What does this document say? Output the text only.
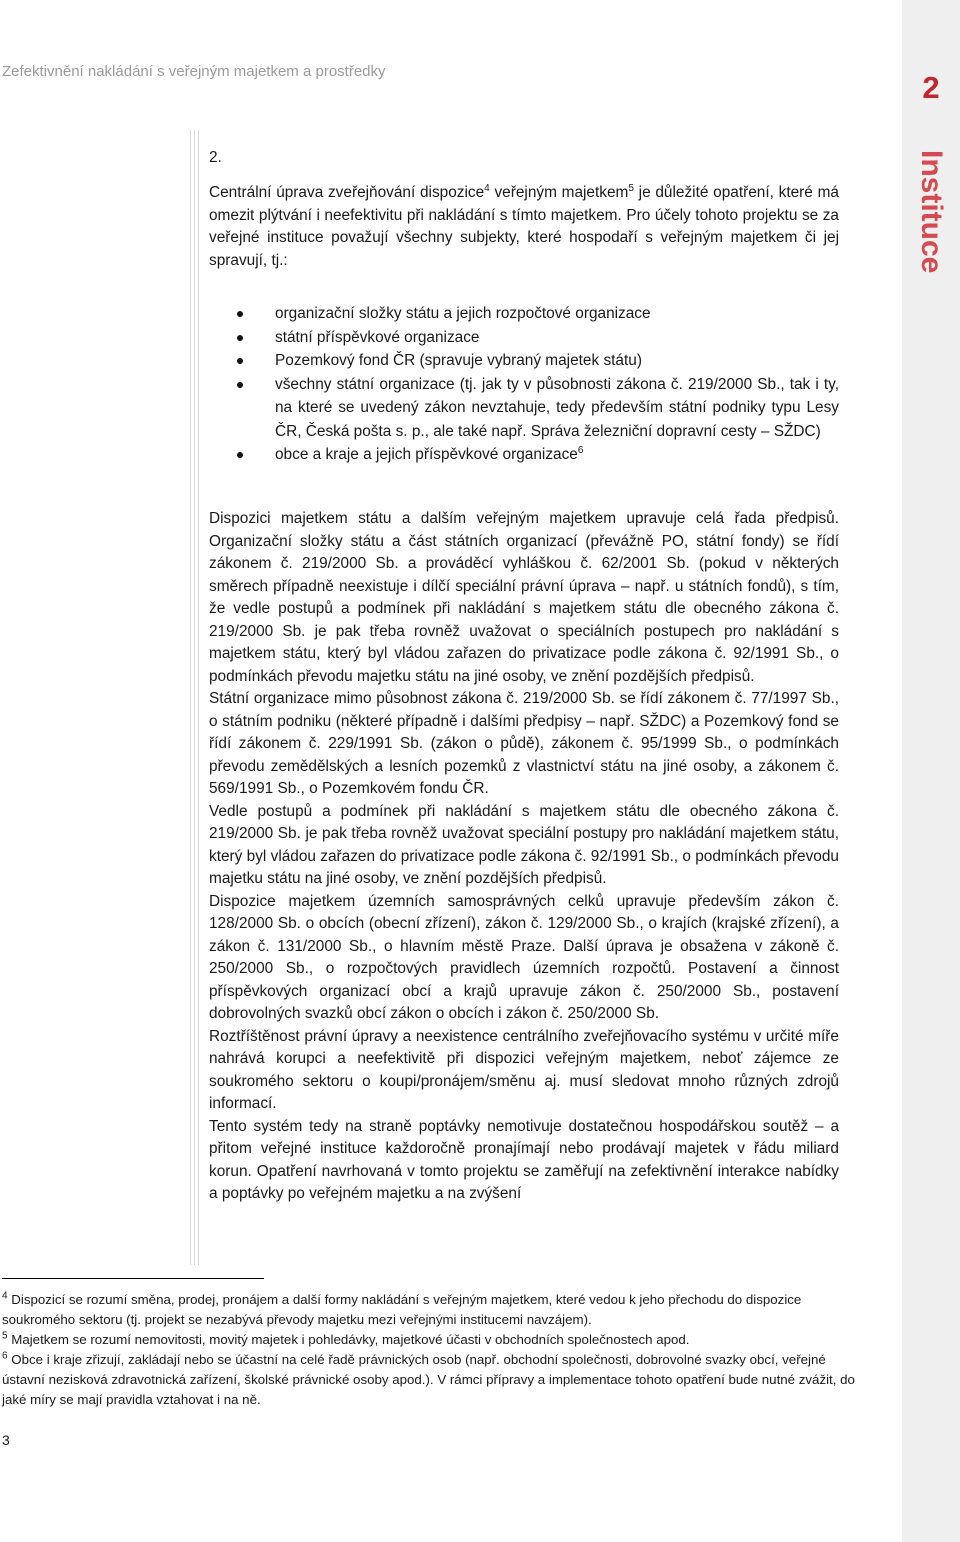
Zefektivnění nakládání s veřejným majetkem a prostředky	2
Instituce
2.

Centrální úprava zveřejňování dispozice$^4$ veřejným majetkem$^5$ je důležité opatření, které má omezit plýtvání i neefektivitu při nakládání s tímto majetkem. Pro účely tohoto projektu se za veřejné instituce považují všechny subjekty, které hospodaří s veřejným majetkem či jej spravují, tj.:

organizační složky státu a jejich rozpočtové organizace
státní příspěvkové organizace
Pozemkový fond ČR (spravuje vybraný majetek státu)
všechny státní organizace (tj. jak ty v působnosti zákona č. 219/2000 Sb., tak i ty, na které se uvedený zákon nevztahuje, tedy především státní podniky typu Lesy ČR, Česká pošta s. p., ale také např. Správa železniční dopravní cesty – SŽDC)
obce a kraje a jejich příspěvkové organizace$^6$

Dispozici majetkem státu a dalším veřejným majetkem upravuje celá řada předpisů. Organizační složky státu a část státních organizací (převážně PO, státní fondy) se řídí zákonem č. 219/2000 Sb. a prováděcí vyhláškou č. 62/2001 Sb. (pokud v některých směrech případně neexistuje i dílčí speciální právní úprava – např. u státních fondů), s tím, že vedle postupů a podmínek při nakládání s majetkem státu dle obecného zákona č. 219/2000 Sb. je pak třeba rovněž uvažovat o speciálních postupech pro nakládání s majetkem státu, který byl vládou zařazen do privatizace podle zákona č. 92/1991 Sb., o podmínkách převodu majetku státu na jiné osoby, ve znění pozdějších předpisů.

Státní organizace mimo působnost zákona č. 219/2000 Sb. se řídí zákonem č. 77/1997 Sb., o státním podniku (některé případně i dalšími předpisy – např. SŽDC) a Pozemkový fond se řídí zákonem č. 229/1991 Sb. (zákon o půdě), zákonem č. 95/1999 Sb., o podmínkách převodu zemědělských a lesních pozemků z vlastnictví státu na jiné osoby, a zákonem č. 569/1991 Sb., o Pozemkovém fondu ČR.

Vedle postupů a podmínek při nakládání s majetkem státu dle obecného zákona č. 219/2000 Sb. je pak třeba rovněž uvažovat speciální postupy pro nakládání majetkem státu, který byl vládou zařazen do privatizace podle zákona č. 92/1991 Sb., o podmínkách převodu majetku státu na jiné osoby, ve znění pozdějších předpisů.

Dispozice majetkem územních samosprávných celků upravuje především zákon č. 128/2000 Sb. o obcích (obecní zřízení), zákon č. 129/2000 Sb., o krajích (krajské zřízení), a zákon č. 131/2000 Sb., o hlavním městě Praze. Další úprava je obsažena v zákoně č. 250/2000 Sb., o rozpočtových pravidlech územních rozpočtů. Postavení a činnost příspěvkových organizací obcí a krajů upravuje zákon č. 250/2000 Sb., postavení dobrovolných svazků obcí zákon o obcích i zákon č. 250/2000 Sb.

Roztříštěnost právní úpravy a neexistence centrálního zveřejňovacího systému v určité míře nahrává korupci a neefektivitě při dispozici veřejným majetkem, neboť zájemce ze soukromého sektoru o koupi/pronájem/směnu aj. musí sledovat mnoho různých zdrojů informací.

Tento systém tedy na straně poptávky nemotivuje dostatečnou hospodářskou soutěž – a přitom veřejné instituce každoročně pronajímají nebo prodávají majetek v řádu miliard korun. Opatření navrhovaná v tomto projektu se zaměřují na zefektivnění interakce nabídky a poptávky po veřejném majetku a na zvýšení

$^4$ Dispozicí se rozumí směna, prodej, pronájem a další formy nakládání s veřejným majetkem, které vedou k jeho přechodu do dispozice soukromého sektoru (tj. projekt se nezabývá převody majetku mezi veřejnými institucemi navzájem).

$^5$ Majetkem se rozumí nemovitosti, movitý majetek i pohledávky, majetkové účasti v obchodních společnostech apod.

$^6$ Obce i kraje zřizují, zakládají nebo se účastní na celé řadě právnických osob (např. obchodní společnosti, dobrovolné svazky obcí, veřejné ústavní nezisková zdravotnická zařízení, školské právnické osoby apod.). V rámci přípravy a implementace tohoto opatření bude nutné zvážit, do jaké míry se mají pravidla vztahovat i na ně.

3
